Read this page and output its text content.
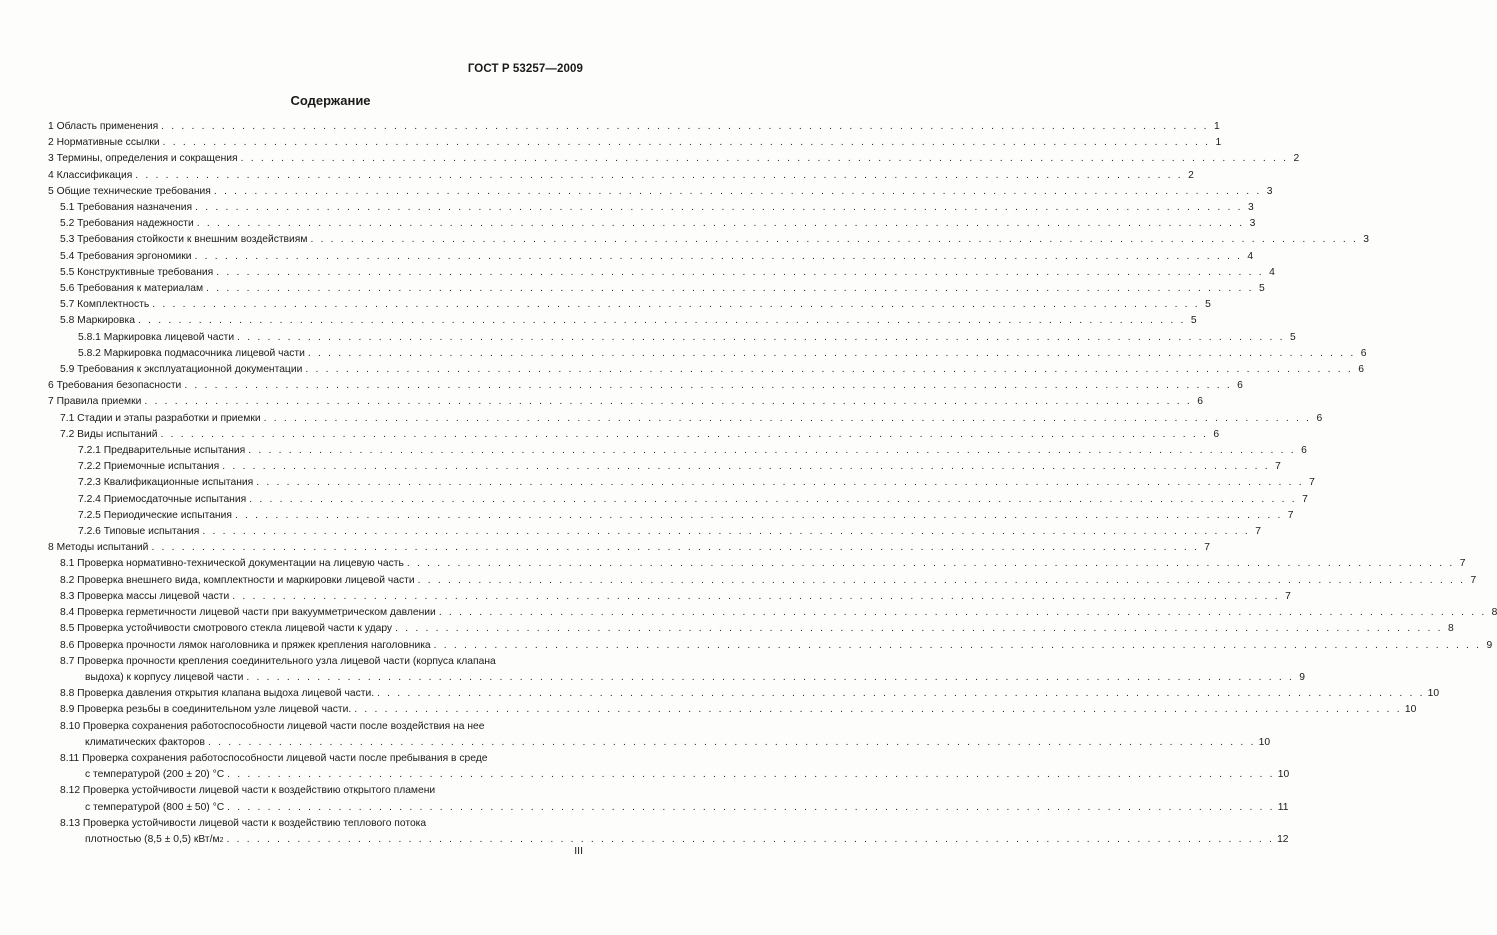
ГОСТ Р 53257—2009
Содержание
1 Область применения . . . . . . . . . . . . . . . . . . . . . . . . . . . . . . . . . . . . . . . . . . . . . . . . . . . . . . . . . . . . . . . . . . . . . . . . . . . . . . . . . . . . . . . . . . . . . . . . . . . . . . . . 1
2 Нормативные ссылки . . . . . . . . . . . . . . . . . . . . . . . . . . . . . . . . . . . . . . . . . . . . . . . . . . . . . . . . . . . . . . . . . . . . . . . . . . . . . . . . . . . . . . . . . . . . . . . . . . . . . . . . 1
3 Термины, определения и сокращения . . . . . . . . . . . . . . . . . . . . . . . . . . . . . . . . . . . . . . . . . . . . . . . . . . . . . . . . . . . . . . . . . . . . . . . . . . . . . . . . . . . . . . . . . . . . . . . . . . . . . . . . 2
4 Классификация . . . . . . . . . . . . . . . . . . . . . . . . . . . . . . . . . . . . . . . . . . . . . . . . . . . . . . . . . . . . . . . . . . . . . . . . . . . . . . . . . . . . . . . . . . . . . . . . . . . . . . . . 2
5 Общие технические требования . . . . . . . . . . . . . . . . . . . . . . . . . . . . . . . . . . . . . . . . . . . . . . . . . . . . . . . . . . . . . . . . . . . . . . . . . . . . . . . . . . . . . . . . . . . . . . . . . . . . . . . . 3
5.1 Требования назначения . . . . . . . . . . . . . . . . . . . . . . . . . . . . . . . . . . . . . . . . . . . . . . . . . . . . . . . . . . . . . . . . . . . . . . . . . . . . . . . . . . . . . . . . . . . . . . . . . . . . . . . . 3
5.2 Требования надежности . . . . . . . . . . . . . . . . . . . . . . . . . . . . . . . . . . . . . . . . . . . . . . . . . . . . . . . . . . . . . . . . . . . . . . . . . . . . . . . . . . . . . . . . . . . . . . . . . . . . . . . . 3
5.3 Требования стойкости к внешним воздействиям . . . . . . . . . . . . . . . . . . . . . . . . . . . . . . . . . . . . . . . . . . . . . . . . . . . . . . . . . . . . . . . . . . . . . . . . . . . . . . . . . . . . . . . . . . . . . . . . . . . . . . . . 3
5.4 Требования эргономики . . . . . . . . . . . . . . . . . . . . . . . . . . . . . . . . . . . . . . . . . . . . . . . . . . . . . . . . . . . . . . . . . . . . . . . . . . . . . . . . . . . . . . . . . . . . . . . . . . . . . . . . 4
5.5 Конструктивные требования . . . . . . . . . . . . . . . . . . . . . . . . . . . . . . . . . . . . . . . . . . . . . . . . . . . . . . . . . . . . . . . . . . . . . . . . . . . . . . . . . . . . . . . . . . . . . . . . . . . . . . . . 4
5.6 Требования к материалам . . . . . . . . . . . . . . . . . . . . . . . . . . . . . . . . . . . . . . . . . . . . . . . . . . . . . . . . . . . . . . . . . . . . . . . . . . . . . . . . . . . . . . . . . . . . . . . . . . . . . . . . 5
5.7 Комплектность . . . . . . . . . . . . . . . . . . . . . . . . . . . . . . . . . . . . . . . . . . . . . . . . . . . . . . . . . . . . . . . . . . . . . . . . . . . . . . . . . . . . . . . . . . . . . . . . . . . . . . . . 5
5.8 Маркировка . . . . . . . . . . . . . . . . . . . . . . . . . . . . . . . . . . . . . . . . . . . . . . . . . . . . . . . . . . . . . . . . . . . . . . . . . . . . . . . . . . . . . . . . . . . . . . . . . . . . . . . . 5
5.8.1 Маркировка лицевой части . . . . . . . . . . . . . . . . . . . . . . . . . . . . . . . . . . . . . . . . . . . . . . . . . . . . . . . . . . . . . . . . . . . . . . . . . . . . . . . . . . . . . . . . . . . . . . . . . . . . . . . . 5
5.8.2 Маркировка подмасочника лицевой части . . . . . . . . . . . . . . . . . . . . . . . . . . . . . . . . . . . . . . . . . . . . . . . . . . . . . . . . . . . . . . . . . . . . . . . . . . . . . . . . . . . . . . . . . . . . . . . . . . . . . . . . 6
5.9 Требования к эксплуатационной документации . . . . . . . . . . . . . . . . . . . . . . . . . . . . . . . . . . . . . . . . . . . . . . . . . . . . . . . . . . . . . . . . . . . . . . . . . . . . . . . . . . . . . . . . . . . . . . . . . . . . . . . . 6
6 Требования безопасности . . . . . . . . . . . . . . . . . . . . . . . . . . . . . . . . . . . . . . . . . . . . . . . . . . . . . . . . . . . . . . . . . . . . . . . . . . . . . . . . . . . . . . . . . . . . . . . . . . . . . . . . 6
7 Правила приемки . . . . . . . . . . . . . . . . . . . . . . . . . . . . . . . . . . . . . . . . . . . . . . . . . . . . . . . . . . . . . . . . . . . . . . . . . . . . . . . . . . . . . . . . . . . . . . . . . . . . . . . . 6
7.1 Стадии и этапы разработки и приемки . . . . . . . . . . . . . . . . . . . . . . . . . . . . . . . . . . . . . . . . . . . . . . . . . . . . . . . . . . . . . . . . . . . . . . . . . . . . . . . . . . . . . . . . . . . . . . . . . . . . . . . . 6
7.2 Виды испытаний . . . . . . . . . . . . . . . . . . . . . . . . . . . . . . . . . . . . . . . . . . . . . . . . . . . . . . . . . . . . . . . . . . . . . . . . . . . . . . . . . . . . . . . . . . . . . . . . . . . . . . . . 6
7.2.1 Предварительные испытания . . . . . . . . . . . . . . . . . . . . . . . . . . . . . . . . . . . . . . . . . . . . . . . . . . . . . . . . . . . . . . . . . . . . . . . . . . . . . . . . . . . . . . . . . . . . . . . . . . . . . . . . 6
7.2.2 Приемочные испытания . . . . . . . . . . . . . . . . . . . . . . . . . . . . . . . . . . . . . . . . . . . . . . . . . . . . . . . . . . . . . . . . . . . . . . . . . . . . . . . . . . . . . . . . . . . . . . . . . . . . . . . . 7
7.2.3 Квалификационные испытания . . . . . . . . . . . . . . . . . . . . . . . . . . . . . . . . . . . . . . . . . . . . . . . . . . . . . . . . . . . . . . . . . . . . . . . . . . . . . . . . . . . . . . . . . . . . . . . . . . . . . . . . 7
7.2.4 Приемосдаточные испытания . . . . . . . . . . . . . . . . . . . . . . . . . . . . . . . . . . . . . . . . . . . . . . . . . . . . . . . . . . . . . . . . . . . . . . . . . . . . . . . . . . . . . . . . . . . . . . . . . . . . . . . . 7
7.2.5 Периодические испытания . . . . . . . . . . . . . . . . . . . . . . . . . . . . . . . . . . . . . . . . . . . . . . . . . . . . . . . . . . . . . . . . . . . . . . . . . . . . . . . . . . . . . . . . . . . . . . . . . . . . . . . . 7
7.2.6 Типовые испытания . . . . . . . . . . . . . . . . . . . . . . . . . . . . . . . . . . . . . . . . . . . . . . . . . . . . . . . . . . . . . . . . . . . . . . . . . . . . . . . . . . . . . . . . . . . . . . . . . . . . . . . . 7
8 Методы испытаний . . . . . . . . . . . . . . . . . . . . . . . . . . . . . . . . . . . . . . . . . . . . . . . . . . . . . . . . . . . . . . . . . . . . . . . . . . . . . . . . . . . . . . . . . . . . . . . . . . . . . . . . 7
8.1 Проверка нормативно-технической документации на лицевую часть . . . . . . . . . . . . . . . . . . . . . . . . . . . . . . . . . . . . . . . . . . . . . . . . . . . . . . . . . . . . . . . . . . . . . . . . . . . . . . . . . . . . . . . . . . . . . . . . . . . . . . . . 7
8.2 Проверка внешнего вида, комплектности и маркировки лицевой части . . . . . . . . . . . . . . . . . . . . . . . . . . . . . . . . . . . . . . . . . . . . . . . . . . . . . . . . . . . . . . . . . . . . . . . . . . . . . . . . . . . . . . . . . . . . . . . . . . . . . . . . 7
8.3 Проверка массы лицевой части . . . . . . . . . . . . . . . . . . . . . . . . . . . . . . . . . . . . . . . . . . . . . . . . . . . . . . . . . . . . . . . . . . . . . . . . . . . . . . . . . . . . . . . . . . . . . . . . . . . . . . . . 7
8.4 Проверка герметичности лицевой части при вакуумметрическом давлении . . . . . . . . . . . . . . . . . . . . . . . . . . . . . . . . . . . . . . . . . . . . . . . . . . . . . . . . . . . . . . . . . . . . . . . . . . . . . . . . . . . . . . . . . . . . . . . . . . . . . . . . 8
8.5 Проверка устойчивости смотрового стекла лицевой части к удару . . . . . . . . . . . . . . . . . . . . . . . . . . . . . . . . . . . . . . . . . . . . . . . . . . . . . . . . . . . . . . . . . . . . . . . . . . . . . . . . . . . . . . . . . . . . . . . . . . . . . . . . 8
8.6 Проверка прочности лямок наголовника и пряжек крепления наголовника . . . . . . . . . . . . . . . . . . . . . . . . . . . . . . . . . . . . . . . . . . . . . . . . . . . . . . . . . . . . . . . . . . . . . . . . . . . . . . . . . . . . . . . . . . . . . . . . . . . . . . . . 9
8.7 Проверка прочности крепления соединительного узла лицевой части (корпуса клапана
выдоха) к корпусу лицевой части . . . . . . . . . . . . . . . . . . . . . . . . . . . . . . . . . . . . . . . . . . . . . . . . . . . . . . . . . . . . . . . . . . . . . . . . . . . . . . . . . . . . . . . . . . . . . . . . . . . . . . . . 9
8.8 Проверка давления открытия клапана выдоха лицевой части. . . . . . . . . . . . . . . . . . . . . . . . . . . . . . . . . . . . . . . . . . . . . . . . . . . . . . . . . . . . . . . . . . . . . . . . . . . . . . . . . . . . . . . . . . . . . . . . . . . . . . . . . 10
8.9 Проверка резьбы в соединительном узле лицевой части. . . . . . . . . . . . . . . . . . . . . . . . . . . . . . . . . . . . . . . . . . . . . . . . . . . . . . . . . . . . . . . . . . . . . . . . . . . . . . . . . . . . . . . . . . . . . . . . . . . . . . . . . 10
8.10 Проверка сохранения работоспособности лицевой части после воздействия на нее
климатических факторов . . . . . . . . . . . . . . . . . . . . . . . . . . . . . . . . . . . . . . . . . . . . . . . . . . . . . . . . . . . . . . . . . . . . . . . . . . . . . . . . . . . . . . . . . . . . . . . . . . . . . . . . 10
8.11 Проверка сохранения работоспособности лицевой части после пребывания в среде
с температурой (200 ± 20) °С . . . . . . . . . . . . . . . . . . . . . . . . . . . . . . . . . . . . . . . . . . . . . . . . . . . . . . . . . . . . . . . . . . . . . . . . . . . . . . . . . . . . . . . . . . . . . . . . . . . . . . . . 10
8.12 Проверка устойчивости лицевой части к воздействию открытого пламени
с температурой (800 ± 50) °С . . . . . . . . . . . . . . . . . . . . . . . . . . . . . . . . . . . . . . . . . . . . . . . . . . . . . . . . . . . . . . . . . . . . . . . . . . . . . . . . . . . . . . . . . . . . . . . . . . . . . . . . 11
8.13 Проверка устойчивости лицевой части к воздействию теплового потока
плотностью (8,5 ± 0,5) кВт/м 2 . . . . . . . . . . . . . . . . . . . . . . . . . . . . . . . . . . . . . . . . . . . . . . . . . . . . . . . . . . . . . . . . . . . . . . . . . . . . . . . . . . . . . . . . . . . . . . . . . . . . . . . . 12
III
